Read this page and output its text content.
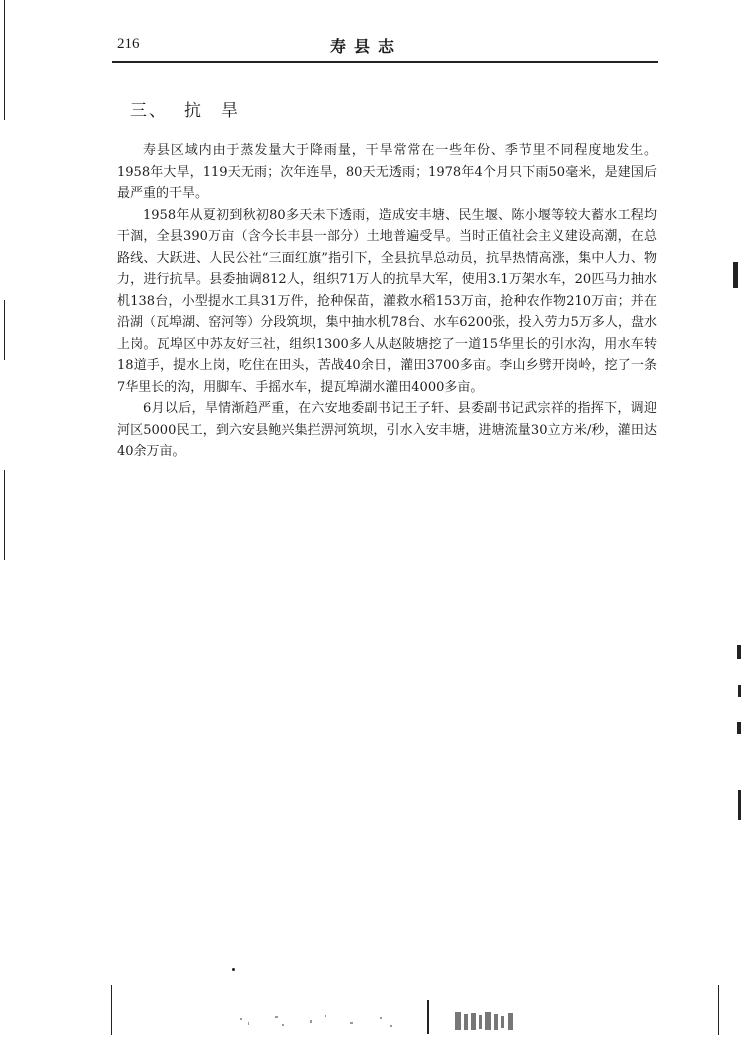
216	寿县志
三、 抗 旱

寿县区域内由于蒸发量大于降雨量，干旱常常在一些年份、季节里不同程度地发生。1958年大旱，119天无雨；次年连旱，80天无透雨；1978年4个月只下雨50毫米，是建国后最严重的干旱。

1958年从夏初到秋初80多天未下透雨，造成安丰塘、民生堰、陈小堰等较大蓄水工程均干涸，全县390万亩（含今长丰县一部分）土地普遍受旱。当时正值社会主义建设高潮，在总路线、大跃进、人民公社“三面红旗”指引下，全县抗旱总动员，抗旱热情高涨，集中人力、物力，进行抗旱。县委抽调812人，组织71万人的抗旱大军，使用3.1万架水车，20匹马力抽水机138台，小型提水工具31万件，抢种保苗，灌救水稻153万亩，抢种农作物210万亩；并在沿湖（瓦埠湖、窑河等）分段筑坝，集中抽水机78台、水车6200张，投入劳力5万多人，盘水上岗。瓦埠区中苏友好三社，组织1300多人从赵陂塘挖了一道15华里长的引水沟，用水车转18道手，提水上岗，吃住在田头，苦战40余日，灌田3700多亩。李山乡劈开岗岭，挖了一条7华里长的沟，用脚车、手摇水车，提瓦埠湖水灌田4000多亩。

6月以后，旱情渐趋严重，在六安地委副书记王子轩、县委副书记武宗祥的指挥下，调迎河区5000民工，到六安县鲍兴集拦淠河筑坝，引水入安丰塘，进塘流量30立方米/秒，灌田达40余万亩。
